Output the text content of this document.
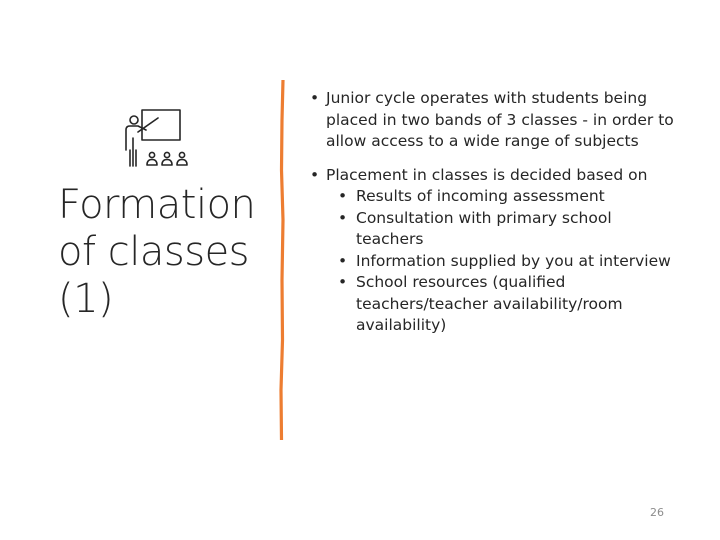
Formation of classes (1)
• Junior cycle operates with students being placed in two bands of 3 classes - in order to allow access to a wide range of subjects
• Placement in classes is decided based on
• Results of incoming assessment
• Consultation with primary school teachers
• Information supplied by you at interview
• School resources (qualified teachers/teacher availability/room availability)
26
